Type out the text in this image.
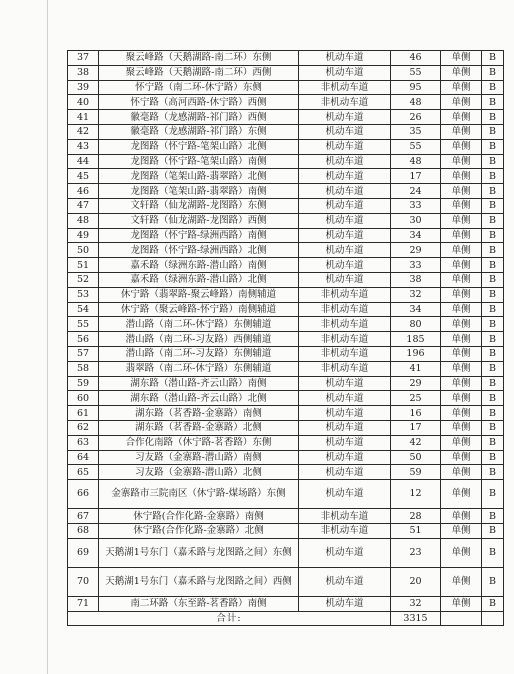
37	聚云峰路（天鹅湖路-南二环）东侧	机动车道	46	单侧	B
38	聚云峰路（天鹅湖路-南二环）西侧	机动车道	55	单侧	B
39	怀宁路（南二环-休宁路）东侧	非机动车道	95	单侧	B
40	怀宁路（高河西路-休宁路）西侧	非机动车道	48	单侧	B
41	徽毫路（龙感湖路-祁门路）西侧	机动车道	26	单侧	B
42	徽毫路（龙感湖路-祁门路）东侧	机动车道	35	单侧	B
43	龙图路（怀宁路-笔架山路）北侧	机动车道	55	单侧	B
44	龙图路（怀宁路-笔架山路）南侧	机动车道	48	单侧	B
45	龙图路（笔架山路-翡翠路）北侧	机动车道	17	单侧	B
46	龙图路（笔架山路-翡翠路）南侧	机动车道	24	单侧	B
47	文轩路（仙龙湖路-龙图路）东侧	机动车道	33	单侧	B
48	文轩路（仙龙湖路-龙图路）西侧	机动车道	30	单侧	B
49	龙图路（怀宁路-绿洲西路）南侧	机动车道	34	单侧	B
50	龙图路（怀宁路-绿洲西路）北侧	机动车道	29	单侧	B
51	嘉禾路（绿洲东路-潜山路）南侧	机动车道	33	单侧	B
52	嘉禾路（绿洲东路-潜山路）北侧	机动车道	38	单侧	B
53	休宁路（翡翠路-聚云峰路）南侧辅道	非机动车道	32	单侧	B
54	休宁路（聚云峰路-怀宁路）南侧辅道	非机动车道	34	单侧	B
55	潜山路（南二环-休宁路）东侧辅道	非机动车道	80	单侧	B
56	潜山路（南二环-习友路）西侧辅道	非机动车道	185	单侧	B
57	潜山路（南二环-习友路）东侧辅道	非机动车道	196	单侧	B
58	翡翠路（南二环-休宁路）东侧辅道	非机动车道	41	单侧	B
59	湖东路（潜山路-齐云山路）南侧	机动车道	29	单侧	B
60	湖东路（潜山路-齐云山路）北侧	机动车道	25	单侧	B
61	湖东路（茗香路-金寨路）南侧	机动车道	16	单侧	B
62	湖东路（茗香路-金寨路）北侧	机动车道	17	单侧	B
63	合作化南路（休宁路-茗香路）东侧	机动车道	42	单侧	B
64	习友路（金寨路-潜山路）南侧	机动车道	50	单侧	B
65	习友路（金寨路-潜山路）北侧	机动车道	59	单侧	B
66	金寨路市三院南区（休宁路-煤场路）东侧	机动车道	12	单侧	B
67	休宁路(合作化路-金寨路）南侧	非机动车道	28	单侧	B
68	休宁路(合作化路-金寨路）北侧	非机动车道	51	单侧	B
69	天鹅湖1号东门（嘉禾路与龙图路之间）东侧	机动车道	23	单侧	B
70	天鹅湖1号东门（嘉禾路与龙图路之间）西侧	机动车道	20	单侧	B
71	南二环路（东至路-茗香路）南侧	机动车道	32	单侧	B
合计:			3315		
